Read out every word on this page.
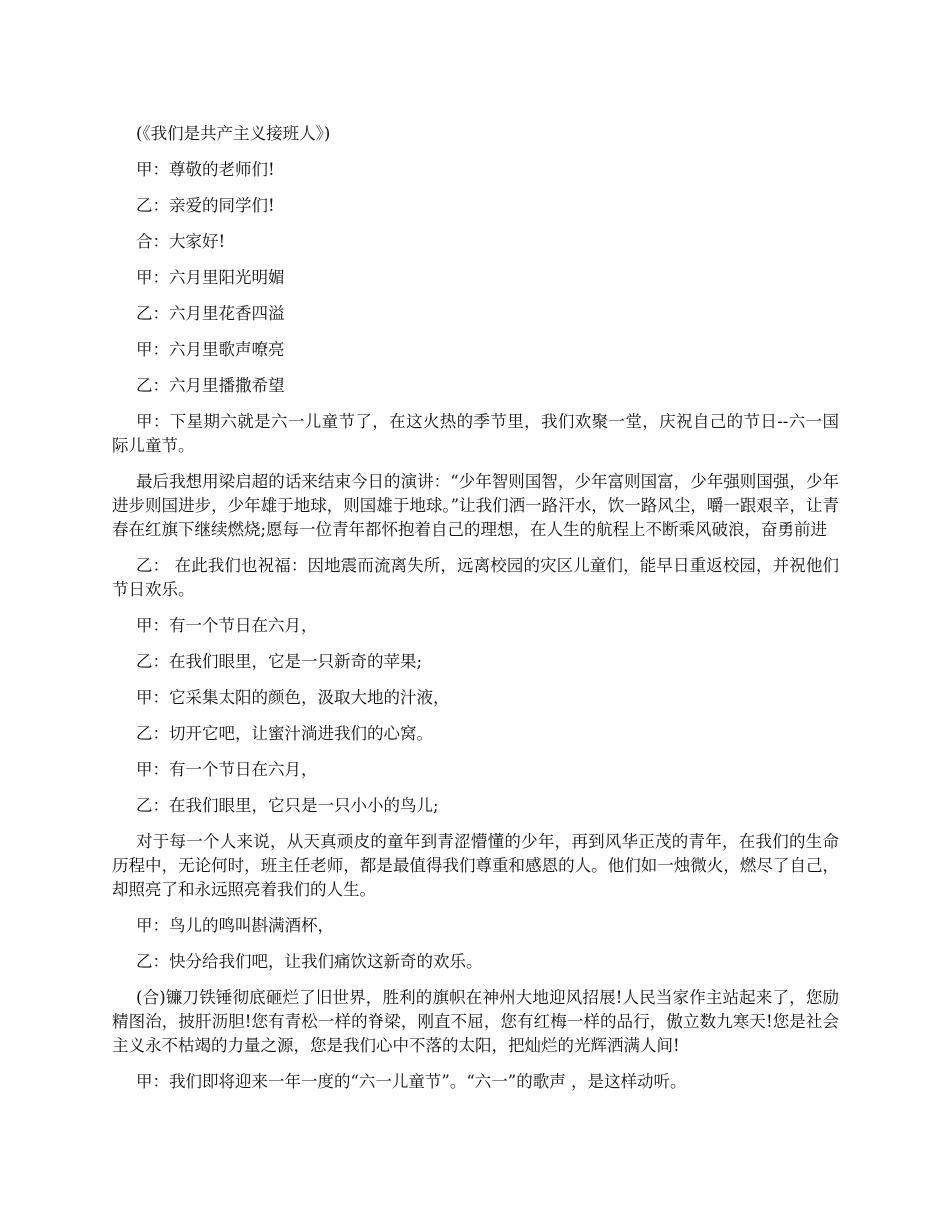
(《我们是共产主义接班人》)

甲：尊敬的老师们!

乙：亲爱的同学们!

合：大家好!

甲：六月里阳光明媚

乙：六月里花香四溢

甲：六月里歌声嘹亮

乙：六月里播撒希望

甲：下星期六就是六一儿童节了，在这火热的季节里，我们欢聚一堂，庆祝自己的节日--六一国际儿童节。

最后我想用梁启超的话来结束今日的演讲：“少年智则国智，少年富则国富，少年强则国强，少年进步则国进步，少年雄于地球，则国雄于地球。”让我们洒一路汗水，饮一路风尘，嚼一跟艰辛，让青春在红旗下继续燃烧;愿每一位青年都怀抱着自己的理想，在人生的航程上不断乘风破浪，奋勇前进

乙： 在此我们也祝福：因地震而流离失所，远离校园的灾区儿童们，能早日重返校园，并祝他们节日欢乐。

甲：有一个节日在六月，

乙：在我们眼里，它是一只新奇的苹果;

甲：它采集太阳的颜色，汲取大地的汁液，

乙：切开它吧，让蜜汁淌进我们的心窝。

甲：有一个节日在六月，

乙：在我们眼里，它只是一只小小的鸟儿;

对于每一个人来说，从天真顽皮的童年到青涩懵懂的少年，再到风华正茂的青年，在我们的生命历程中，无论何时，班主任老师，都是最值得我们尊重和感恩的人。他们如一烛微火，燃尽了自己，却照亮了和永远照亮着我们的人生。

甲：鸟儿的鸣叫斟满酒杯，

乙：快分给我们吧，让我们痛饮这新奇的欢乐。

(合)镰刀铁锤彻底砸烂了旧世界，胜利的旗帜在神州大地迎风招展!人民当家作主站起来了，您励精图治，披肝沥胆!您有青松一样的脊梁，刚直不屈，您有红梅一样的品行，傲立数九寒天!您是社会主义永不枯竭的力量之源，您是我们心中不落的太阳，把灿烂的光辉洒满人间!

甲：我们即将迎来一年一度的“六一儿童节”。“六一”的歌声 ，是这样动听。
